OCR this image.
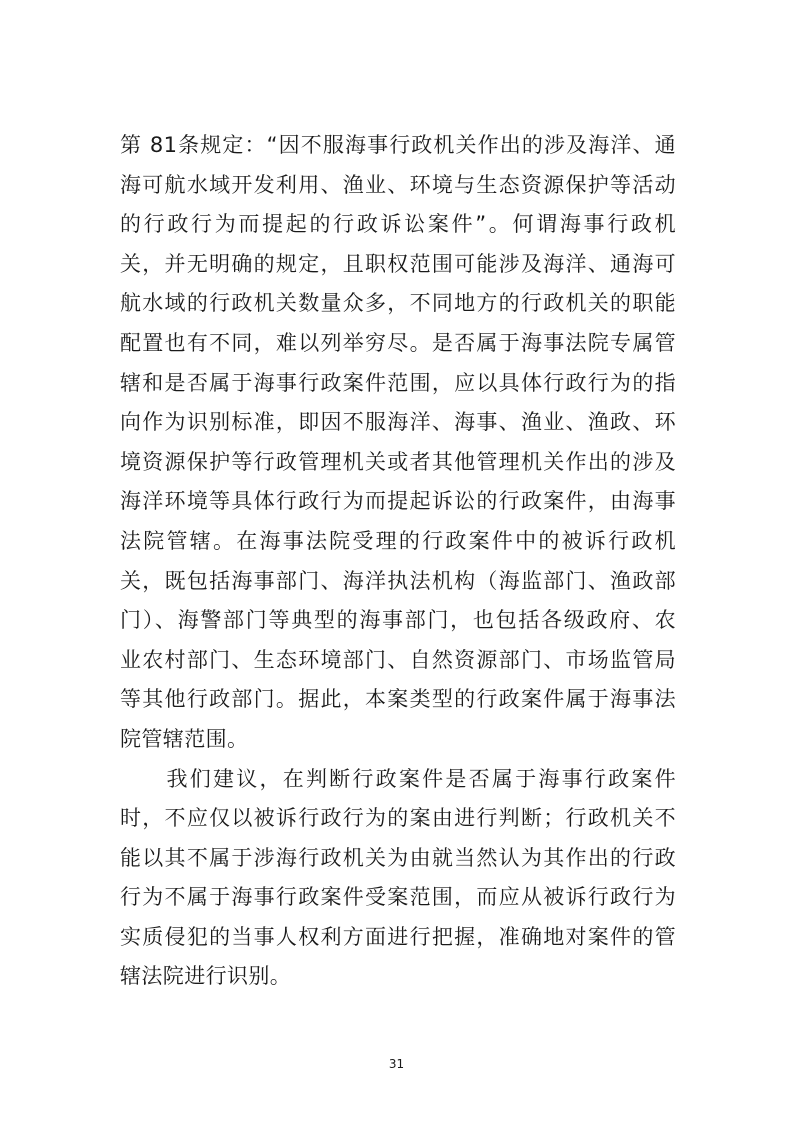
第 81条规定：“因不服海事行政机关作出的涉及海洋、通
海可航水域开发利用、渔业、环境与生态资源保护等活动
的行政行为而提起的行政诉讼案件”。何谓海事行政机
关，并无明确的规定，且职权范围可能涉及海洋、通海可
航水域的行政机关数量众多，不同地方的行政机关的职能
配置也有不同，难以列举穷尽。是否属于海事法院专属管
辖和是否属于海事行政案件范围，应以具体行政行为的指
向作为识别标准，即因不服海洋、海事、渔业、渔政、环
境资源保护等行政管理机关或者其他管理机关作出的涉及
海洋环境等具体行政行为而提起诉讼的行政案件，由海事
法院管辖。在海事法院受理的行政案件中的被诉行政机
关，既包括海事部门、海洋执法机构（海监部门、渔政部
门）、海警部门等典型的海事部门，也包括各级政府、农
业农村部门、生态环境部门、自然资源部门、市场监管局
等其他行政部门。据此，本案类型的行政案件属于海事法
院管辖范围。
　　我们建议，在判断行政案件是否属于海事行政案件
时，不应仅以被诉行政行为的案由进行判断；行政机关不
能以其不属于涉海行政机关为由就当然认为其作出的行政
行为不属于海事行政案件受案范围，而应从被诉行政行为
实质侵犯的当事人权利方面进行把握，准确地对案件的管
辖法院进行识别。
31
